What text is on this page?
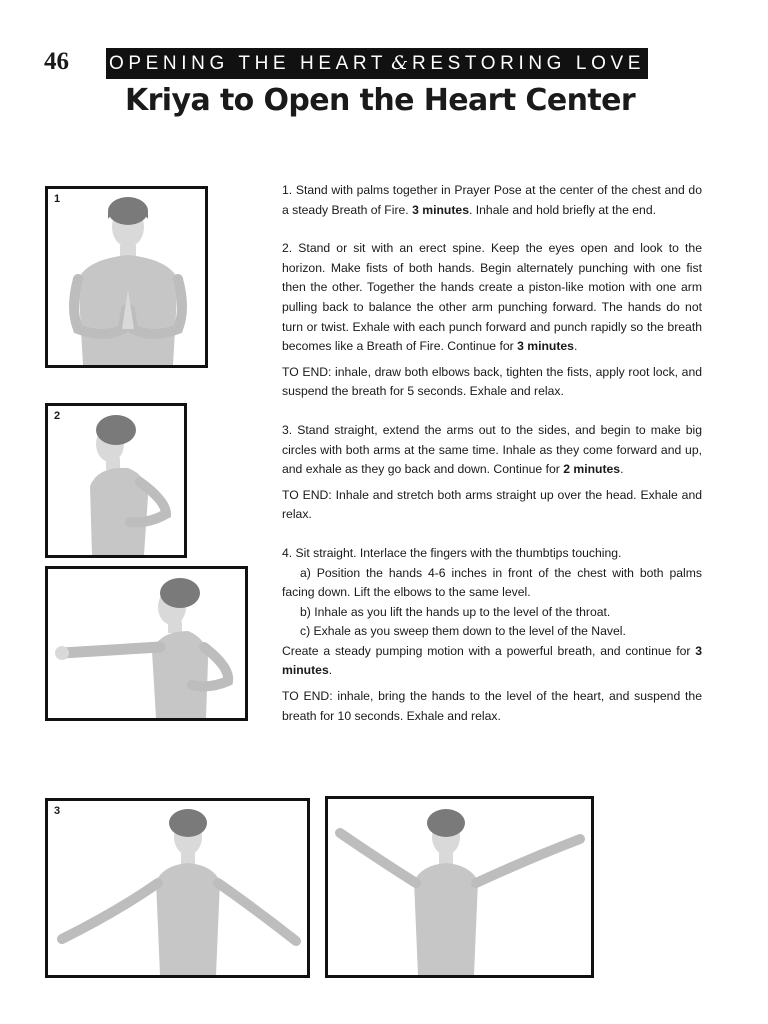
46 OPENING THE HEART & RESTORING LOVE
Kriya to Open the Heart Center
1
2
3

1. Stand with palms together in Prayer Pose at the center of the chest and do a steady Breath of Fire. 3 minutes. Inhale and hold briefly at the end.

2. Stand or sit with an erect spine. Keep the eyes open and look to the horizon. Make fists of both hands. Begin alternately punching with one fist then the other. Together the hands create a piston-like motion with one arm pulling back to balance the other arm punching forward. The hands do not turn or twist. Exhale with each punch forward and punch rapidly so the breath becomes like a Breath of Fire. Continue for 3 minutes.

TO END: inhale, draw both elbows back, tighten the fists, apply root lock, and suspend the breath for 5 seconds. Exhale and relax.

3. Stand straight, extend the arms out to the sides, and begin to make big circles with both arms at the same time. Inhale as they come forward and up, and exhale as they go back and down. Continue for 2 minutes.

TO END: Inhale and stretch both arms straight up over the head. Exhale and relax.

4. Sit straight. Interlace the fingers with the thumbtips touching.

a) Position the hands 4-6 inches in front of the chest with both palms facing down. Lift the elbows to the same level.

b) Inhale as you lift the hands up to the level of the throat.

c) Exhale as you sweep them down to the level of the Navel.

Create a steady pumping motion with a powerful breath, and continue for 3 minutes.

TO END: inhale, bring the hands to the level of the heart, and suspend the breath for 10 seconds. Exhale and relax.
